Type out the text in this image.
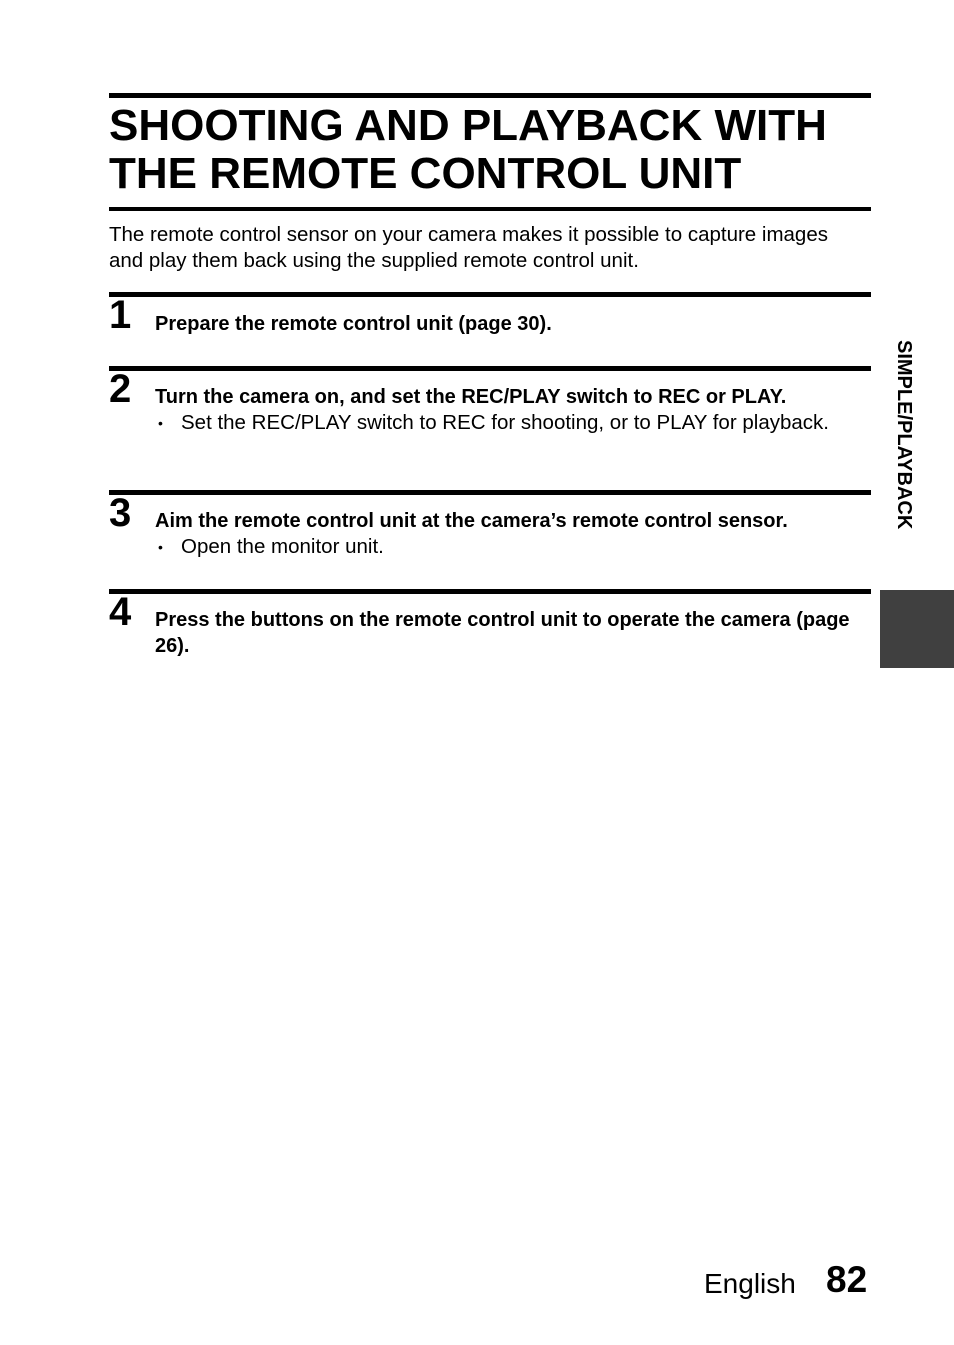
SHOOTING AND PLAYBACK WITH
THE REMOTE CONTROL UNIT
The remote control sensor on your camera makes it possible to capture images and play them back using the supplied remote control unit.
1 Prepare the remote control unit (page 30).
2 Turn the camera on, and set the REC/PLAY switch to REC or PLAY.
• Set the REC/PLAY switch to REC for shooting, or to PLAY for playback.
3 Aim the remote control unit at the camera’s remote control sensor.
• Open the monitor unit.
4 Press the buttons on the remote control unit to operate the camera (page 26).
SIMPLE/PLAYBACK
English 82
